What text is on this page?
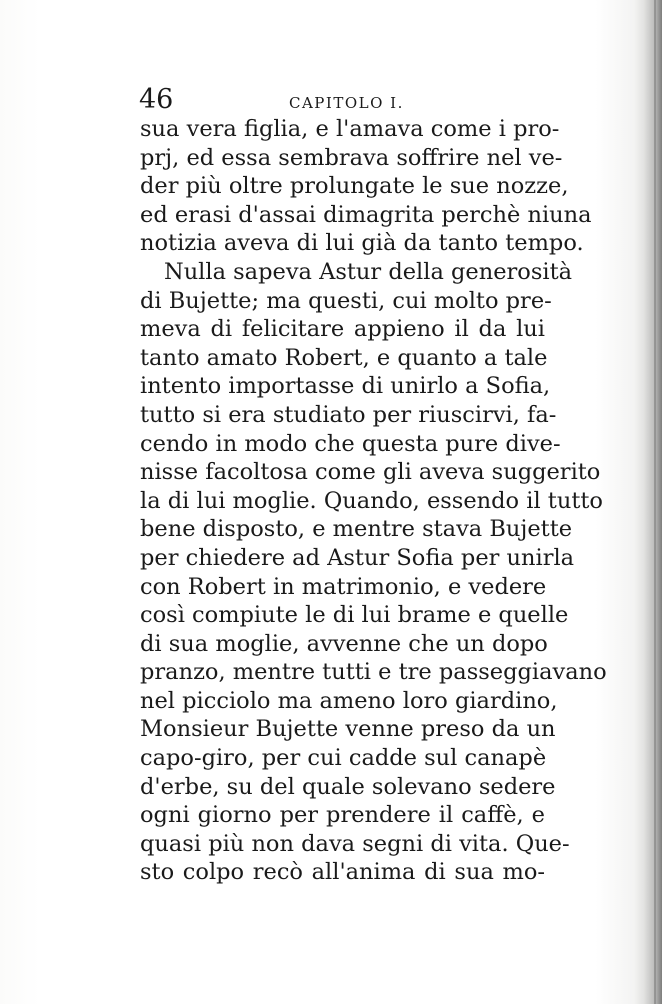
46	CAPITOLO I.
sua vera figlia, e l'amava come i pro-
prj, ed essa sembrava soffrire nel ve-
der più oltre prolungate le sue nozze,
ed erasi d'assai dimagrita perchè niuna
notizia aveva di lui già da tanto tempo.
Nulla sapeva Astur della generosità
di Bujette; ma questi, cui molto pre-
meva di felicitare appieno il da lui
tanto amato Robert, e quanto a tale
intento importasse di unirlo a Sofia,
tutto si era studiato per riuscirvi, fa-
cendo in modo che questa pure dive-
nisse facoltosa come gli aveva suggerito
la di lui moglie. Quando, essendo il tutto
bene disposto, e mentre stava Bujette
per chiedere ad Astur Sofia per unirla
con Robert in matrimonio, e vedere
così compiute le di lui brame e quelle
di sua moglie, avvenne che un dopo
pranzo, mentre tutti e tre passeggiavano
nel picciolo ma ameno loro giardino,
Monsieur Bujette venne preso da un
capo-giro, per cui cadde sul canapè
d'erbe, su del quale solevano sedere
ogni giorno per prendere il caffè, e
quasi più non dava segni di vita. Que-
sto colpo recò all'anima di sua mo-
